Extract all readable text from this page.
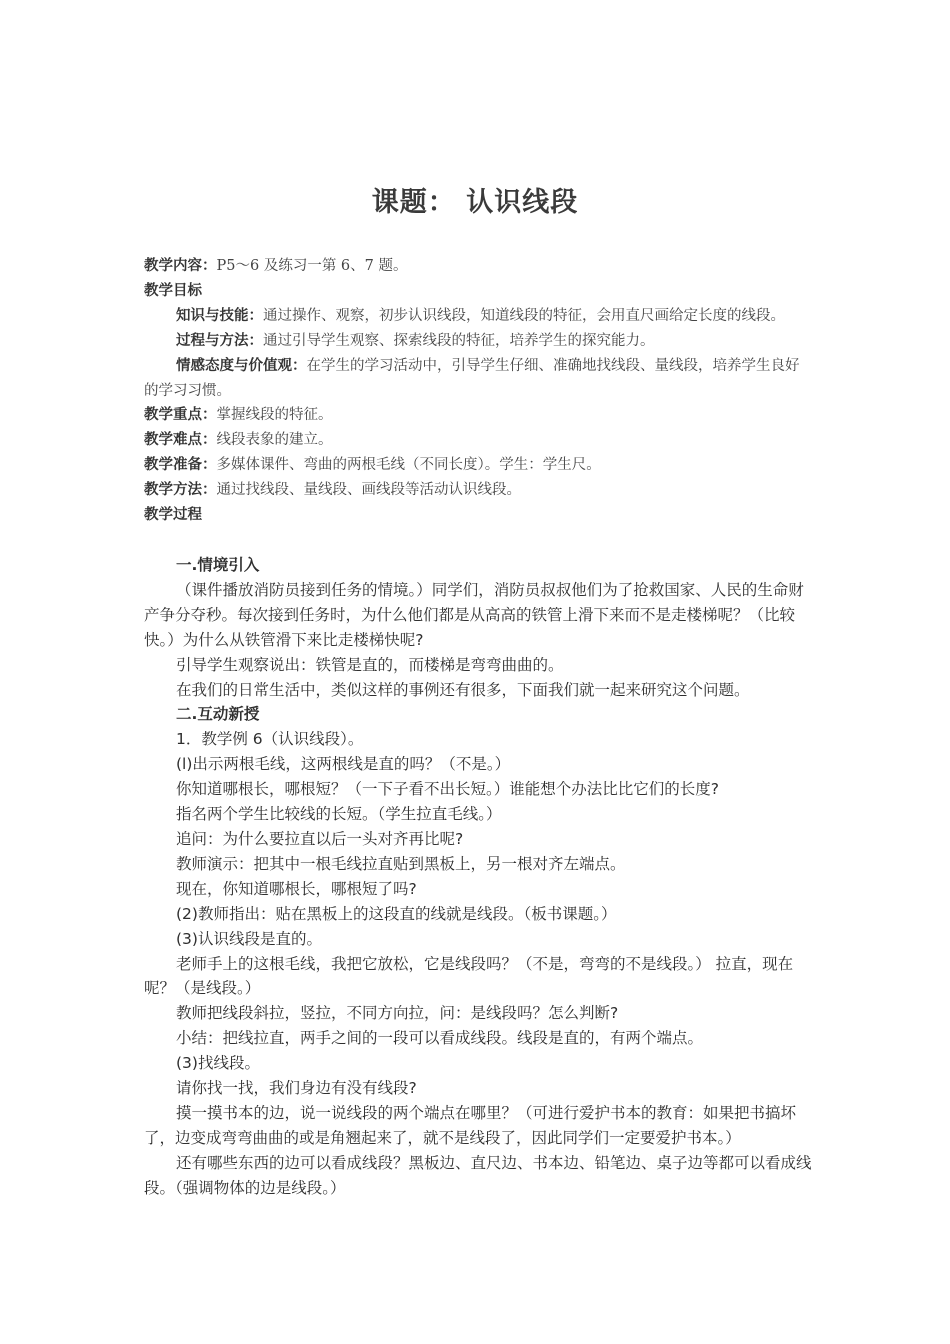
课题： 认识线段

教学内容：P5～6 及练习一第 6、7 题。

教学目标

知识与技能：通过操作、观察，初步认识线段，知道线段的特征，会用直尺画给定长度的线段。

过程与方法：通过引导学生观察、探索线段的特征，培养学生的探究能力。

情感态度与价值观：在学生的学习活动中，引导学生仔细、准确地找线段、量线段，培养学生良好的学习习惯。

教学重点：掌握线段的特征。

教学难点：线段表象的建立。

教学准备：多媒体课件、弯曲的两根毛线（不同长度）。学生：学生尺。

教学方法：通过找线段、量线段、画线段等活动认识线段。

教学过程

一.情境引入

（课件播放消防员接到任务的情境。）同学们，消防员叔叔他们为了抢救国家、人民的生命财产争分夺秒。每次接到任务时，为什么他们都是从高高的铁管上滑下来而不是走楼梯呢？（比较快。）为什么从铁管滑下来比走楼梯快呢?

引导学生观察说出：铁管是直的，而楼梯是弯弯曲曲的。

在我们的日常生活中，类似这样的事例还有很多，下面我们就一起来研究这个问题。

二.互动新授

1．教学例 6（认识线段）。

(l)出示两根毛线，这两根线是直的吗？（不是。）

你知道哪根长，哪根短？（一下子看不出长短。）谁能想个办法比比它们的长度?

指名两个学生比较线的长短。（学生拉直毛线。）

追问：为什么要拉直以后一头对齐再比呢?

教师演示：把其中一根毛线拉直贴到黑板上，另一根对齐左端点。

现在，你知道哪根长，哪根短了吗?

(2)教师指出：贴在黑板上的这段直的线就是线段。（板书课题。）

(3)认识线段是直的。

老师手上的这根毛线，我把它放松，它是线段吗？（不是，弯弯的不是线段。） 拉直，现在呢？（是线段。）

教师把线段斜拉，竖拉，不同方向拉，问：是线段吗？怎么判断?

小结：把线拉直，两手之间的一段可以看成线段。线段是直的，有两个端点。

(3)找线段。

请你找一找，我们身边有没有线段?

摸一摸书本的边，说一说线段的两个端点在哪里？（可进行爱护书本的教育：如果把书搞坏了，边变成弯弯曲曲的或是角翘起来了，就不是线段了，因此同学们一定要爱护书本。）

还有哪些东西的边可以看成线段？黑板边、直尺边、书本边、铅笔边、桌子边等都可以看成线段。（强调物体的边是线段。）
